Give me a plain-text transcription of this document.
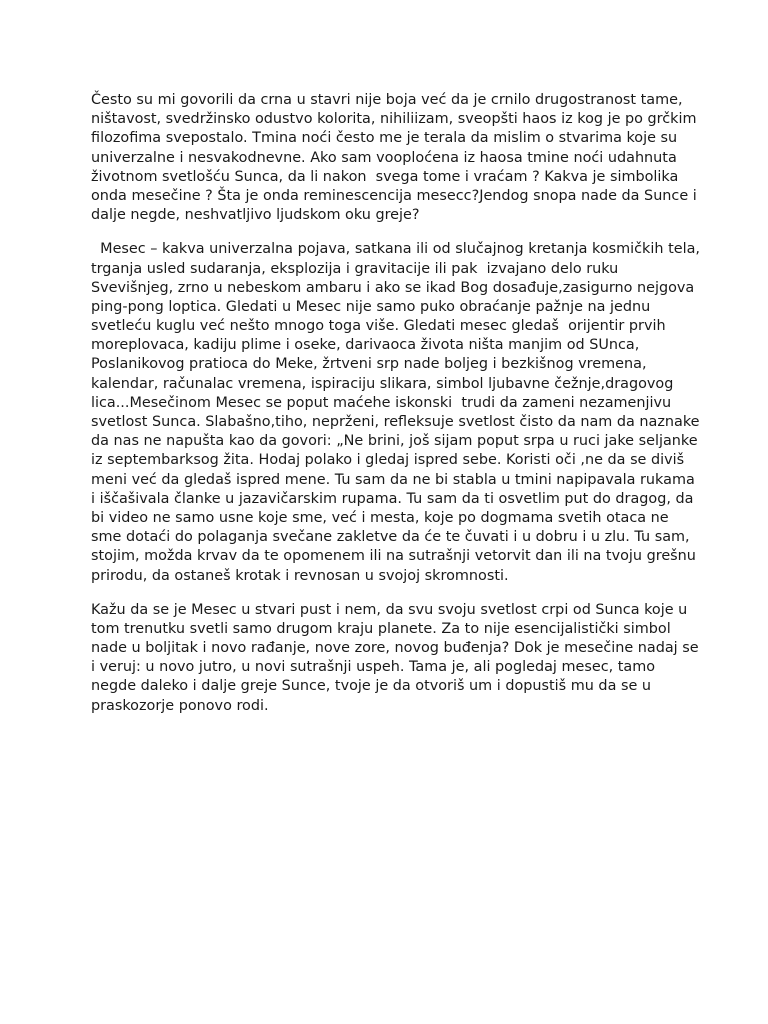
Često su mi govorili da crna u stavri nije boja već da je crnilo drugostranost tame,
ništavost, svedržinsko odustvo kolorita, nihiliizam, sveopšti haos iz kog je po grčkim
filozofima svepostalo. Tmina noći često me je terala da mislim o stvarima koje su
univerzalne i nesvakodnevne. Ako sam vooplоćena iz haosa tmine noći udahnuta
životnom svetlošću Sunca, da li nakon  svega tome i vraćam ? Kakva je simbolika
onda mesečine ? Šta je onda reminescencija mesecc?Jendog snopa nade da Sunce i
dalje negde, neshvatljivo ljudskom oku greje?
Mesec – kakva univerzalna pojava, satkana ili od slučajnog kretanja kosmičkih tela,
trganja usled sudaranja, eksplozija i gravitacije ili pak  izvajano delo ruku
Svevišnjeg, zrno u nebeskom ambaru i ako se ikad Bog dosađuje,zasigurno nejgova
ping-pong loptica. Gledati u Mesec nije samo puko obraćanje pažnje na jednu
svetleću kuglu već nešto mnogo toga više. Gledati mesec gledaš  orijentir prvih
moreplovaca, kadiju plime i oseke, darivaoca života ništa manjim od SUnca,
Poslanikovog pratioca do Meke, žrtveni srp nade boljeg i bezkišnog vremena,
kalendar, računalac vremena, ispiraciju slikara, simbol ljubavne čežnje,dragovog
lica...Mesečinom Mesec se poput maćehe iskonski  trudi da zameni nezamenjivu
svetlost Sunca. Slabašno,tiho, neprženi, refleksuje svetlost čisto da nam da naznake
da nas ne napušta kao da govori: „Ne brini, još sijam poput srpa u ruci jake seljanke
iz septembarksog žita. Hodaj polako i gledaj ispred sebe. Koristi oči ,ne da se diviš
meni već da gledaš ispred mene. Tu sam da ne bi stabla u tmini napipavala rukama
i iščašivala članke u jazavičarskim rupama. Tu sam da ti osvetlim put do dragog, da
bi video ne samo usne koje sme, već i mesta, koje po dogmama svetih otaca ne
sme dotaći do polaganja svečane zakletve da će te čuvati i u dobru i u zlu. Tu sam,
stojim, možda krvav da te opomenem ili na sutrašnji vetorvit dan ili na tvoju grešnu
prirodu, da ostaneš krotak i revnosan u svojoj skromnosti.
Kažu da se je Mesec u stvari pust i nem, da svu svoju svetlost crpi od Sunca koje u
tom trenutku svetli samo drugom kraju planete. Za to nije esencijalistički simbol
nade u boljitak i novo rađanje, nove zore, novog buđenja? Dok je mesečine nadaj se
i veruj: u novo jutro, u novi sutrašnji uspeh. Tama je, ali pogledaj mesec, tamo
negde daleko i dalje greje Sunce, tvoje je da otvoriš um i dopustiš mu da se u
praskozorje ponovo rodi.
